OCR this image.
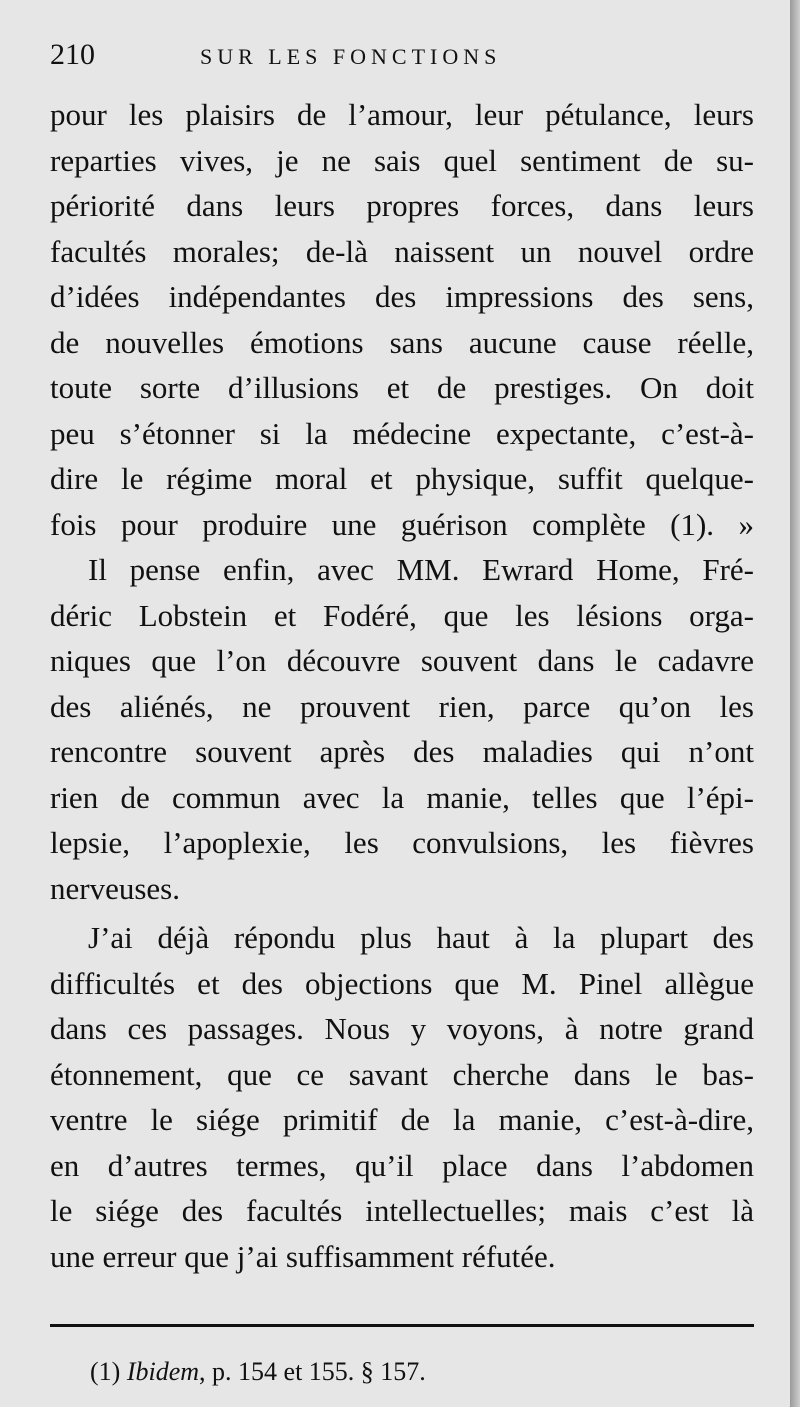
210	SUR LES FONCTIONS
pour les plaisirs de l’amour, leur pétulance, leurs
reparties vives, je ne sais quel sentiment de su-
périorité dans leurs propres forces, dans leurs
facultés morales; de-là naissent un nouvel ordre
d’idées indépendantes des impressions des sens,
de nouvelles émotions sans aucune cause réelle,
toute sorte d’illusions et de prestiges. On doit
peu s’étonner si la médecine expectante, c’est-à-
dire le régime moral et physique, suffit quelque-
fois pour produire une guérison complète (1). »
Il pense enfin, avec MM. Ewrard Home, Fré-
déric Lobstein et Fodéré, que les lésions orga-
niques que l’on découvre souvent dans le cadavre
des aliénés, ne prouvent rien, parce qu’on les
rencontre souvent après des maladies qui n’ont
rien de commun avec la manie, telles que l’épi-
lepsie, l’apoplexie, les convulsions, les fièvres
nerveuses.
J’ai déjà répondu plus haut à la plupart des
difficultés et des objections que M. Pinel allègue
dans ces passages. Nous y voyons, à notre grand
étonnement, que ce savant cherche dans le bas-
ventre le siége primitif de la manie, c’est-à-dire,
en d’autres termes, qu’il place dans l’abdomen
le siége des facultés intellectuelles; mais c’est là
une erreur que j’ai suffisamment réfutée.
(1) Ibidem, p. 154 et 155. § 157.
